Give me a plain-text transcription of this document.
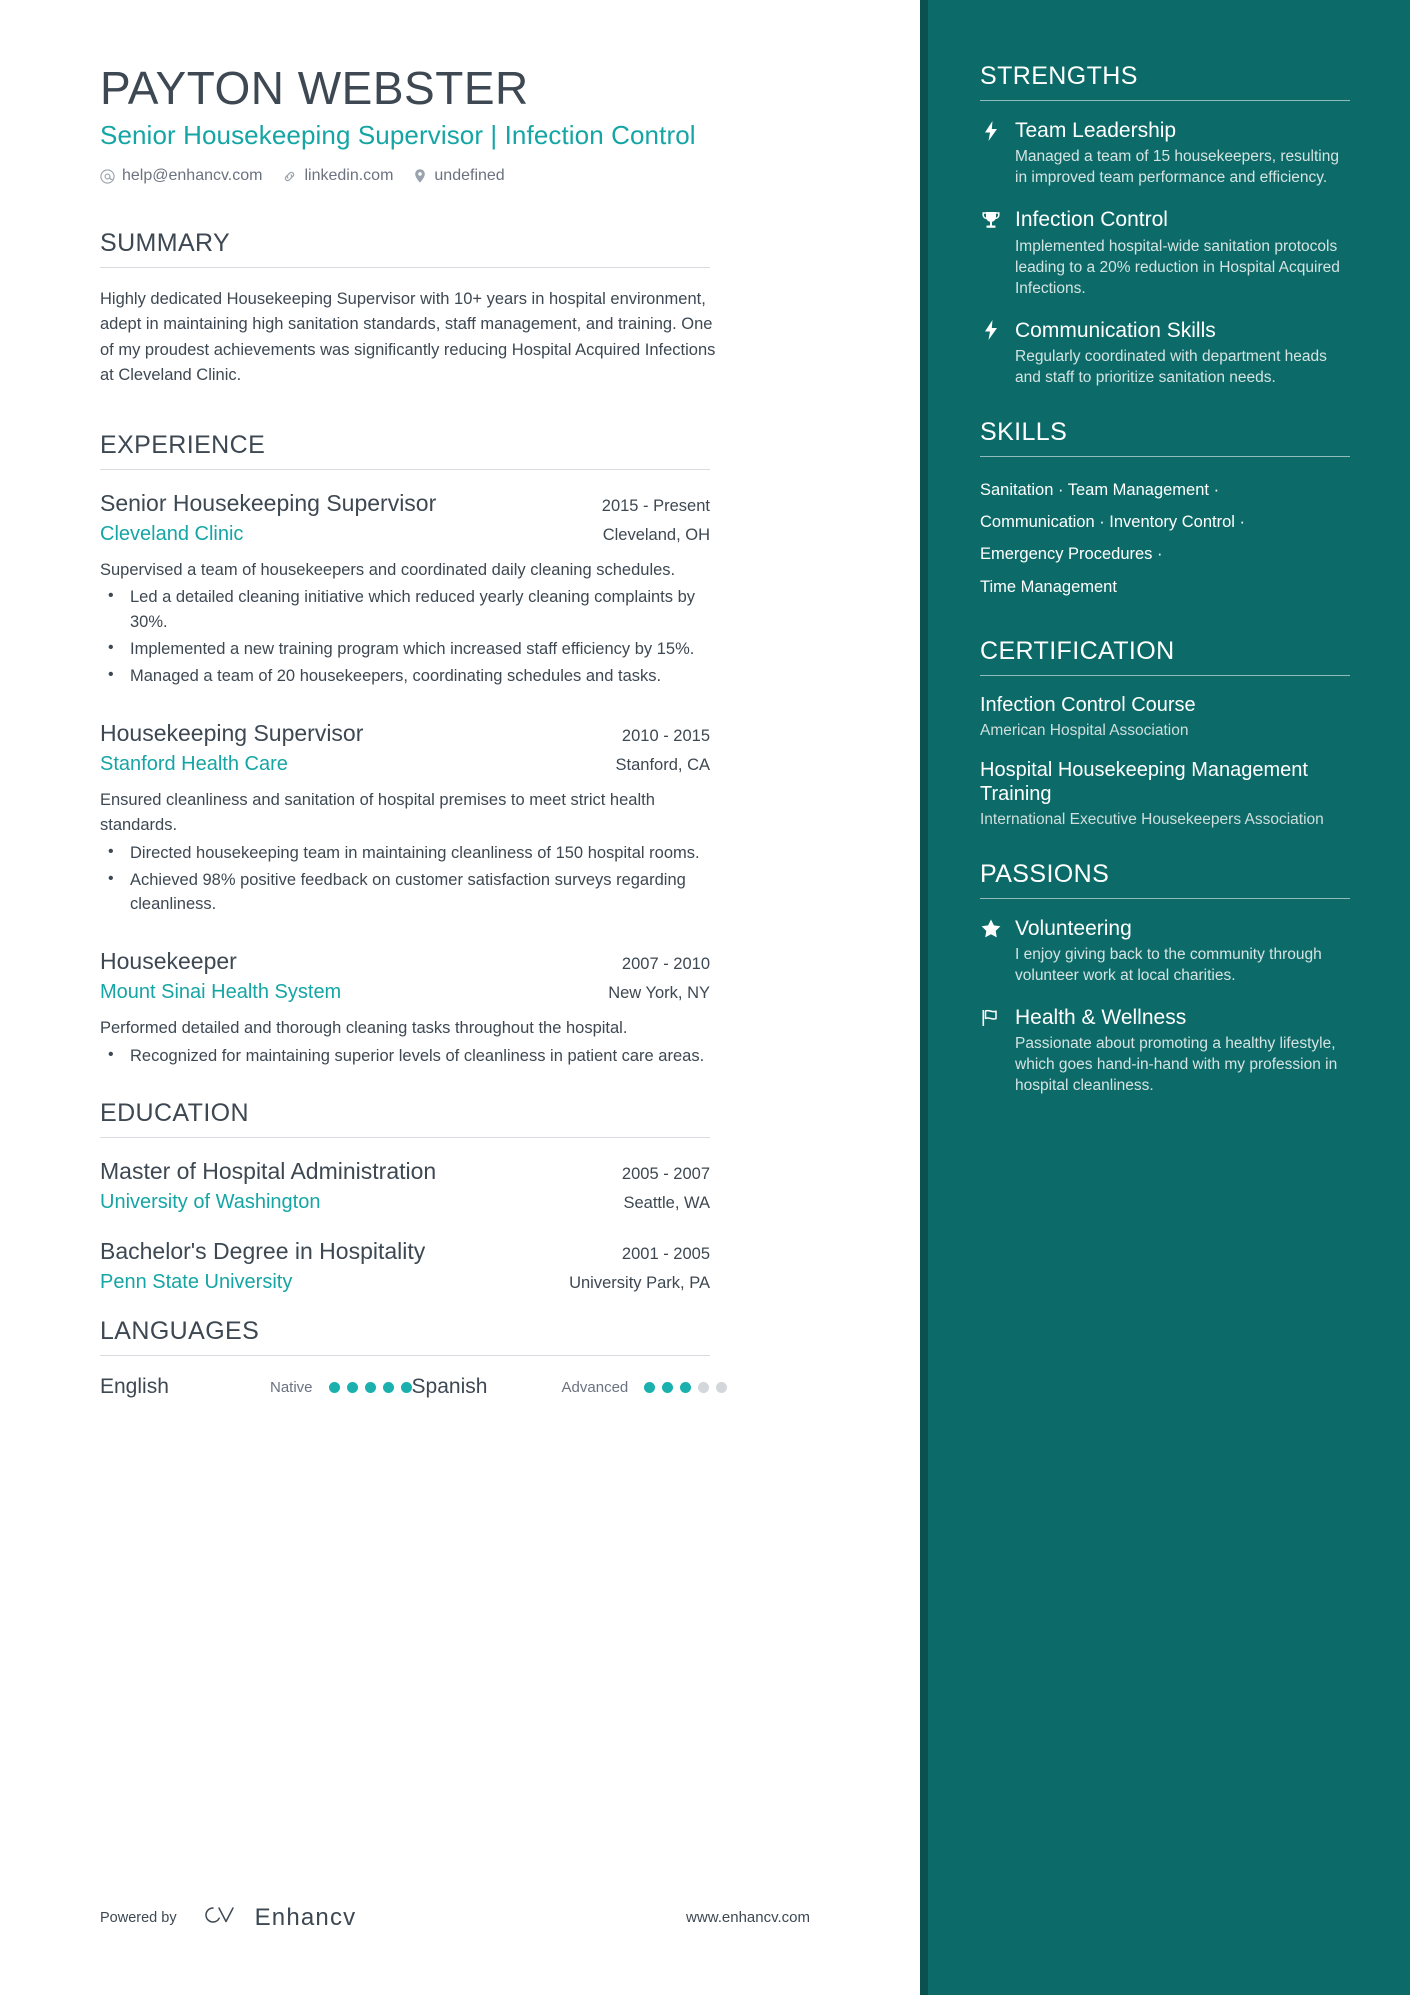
PAYTON WEBSTER
Senior Housekeeping Supervisor | Infection Control
help@enhancv.com	linkedin.com	undefined
SUMMARY
Highly dedicated Housekeeping Supervisor with 10+ years in hospital environment, adept in maintaining high sanitation standards, staff management, and training. One of my proudest achievements was significantly reducing Hospital Acquired Infections at Cleveland Clinic.
EXPERIENCE
Senior Housekeeping Supervisor	2015 - Present
Cleveland Clinic	Cleveland, OH
Supervised a team of housekeepers and coordinated daily cleaning schedules.
• Led a detailed cleaning initiative which reduced yearly cleaning complaints by 30%.
• Implemented a new training program which increased staff efficiency by 15%.
• Managed a team of 20 housekeepers, coordinating schedules and tasks.
Housekeeping Supervisor	2010 - 2015
Stanford Health Care	Stanford, CA
Ensured cleanliness and sanitation of hospital premises to meet strict health standards.
• Directed housekeeping team in maintaining cleanliness of 150 hospital rooms.
• Achieved 98% positive feedback on customer satisfaction surveys regarding cleanliness.
Housekeeper	2007 - 2010
Mount Sinai Health System	New York, NY
Performed detailed and thorough cleaning tasks throughout the hospital.
• Recognized for maintaining superior levels of cleanliness in patient care areas.
EDUCATION
Master of Hospital Administration	2005 - 2007
University of Washington	Seattle, WA
Bachelor's Degree in Hospitality	2001 - 2005
Penn State University	University Park, PA
LANGUAGES
English	Native	Spanish	Advanced
Powered by	Enhancv	www.enhancv.com
STRENGTHS
Team Leadership
Managed a team of 15 housekeepers, resulting in improved team performance and efficiency.
Infection Control
Implemented hospital-wide sanitation protocols leading to a 20% reduction in Hospital Acquired Infections.
Communication Skills
Regularly coordinated with department heads and staff to prioritize sanitation needs.
SKILLS
Sanitation · Team Management ·
Communication · Inventory Control ·
Emergency Procedures ·
Time Management
CERTIFICATION
Infection Control Course
American Hospital Association
Hospital Housekeeping Management Training
International Executive Housekeepers Association
PASSIONS
Volunteering
I enjoy giving back to the community through volunteer work at local charities.
Health & Wellness
Passionate about promoting a healthy lifestyle, which goes hand-in-hand with my profession in hospital cleanliness.
